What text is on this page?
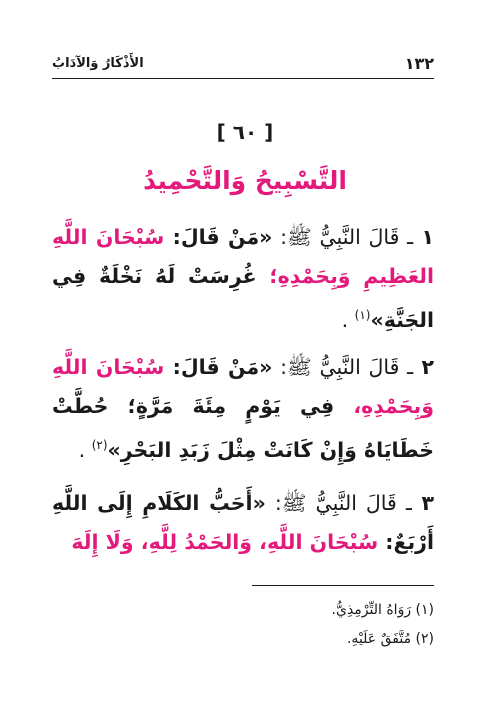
١٣٢
الأَذْكَارُ وَالآدَابُ
[ ٦٠ ]
التَّسْبِيحُ وَالتَّحْمِيدُ

١ ـ قَالَ النَّبِيُّ ﷺ: «مَنْ قَالَ: سُبْحَانَ اللَّهِ العَظِيمِ وَبِحَمْدِهِ؛ غُرِسَتْ لَهُ نَخْلَةٌ فِي الجَنَّةِ»$^{(١)}$ .

٢ ـ قَالَ النَّبِيُّ ﷺ: «مَنْ قَالَ: سُبْحَانَ اللَّهِ وَبِحَمْدِهِ، فِي يَوْمٍ مِئَةَ مَرَّةٍ؛ حُطَّتْ خَطَايَاهُ وَإِنْ كَانَتْ مِثْلَ زَبَدِ البَحْرِ»$^{(٢)}$ .

٣ ـ قَالَ النَّبِيُّ ﷺ: «أَحَبُّ الكَلَامِ إِلَى اللَّهِ أَرْبَعٌ: سُبْحَانَ اللَّهِ، وَالحَمْدُ لِلَّهِ، وَلَا إِلَهَ

(١) رَوَاهُ التِّرْمِذِيُّ.
(٢) مُتَّفَقٌ عَلَيْهِ.
